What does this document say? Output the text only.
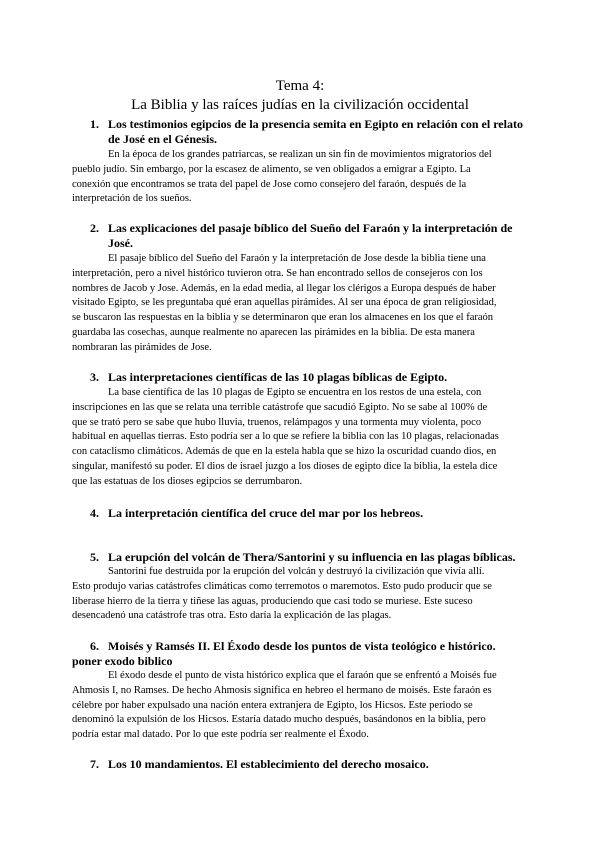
Tema 4:
La Biblia y las raíces judías en la civilización occidental
1. Los testimonios egipcios de la presencia semita en Egipto en relación con el relato
de José en el Génesis.
En la época de los grandes patriarcas, se realizan un sin fin de movimientos migratorios del
pueblo judío. Sin embargo, por la escasez de alimento, se ven obligados a emigrar a Egipto. La
conexión que encontramos se trata del papel de Jose como consejero del faraón, después de la
interpretación de los sueños.
2. Las explicaciones del pasaje bíblico del Sueño del Faraón y la interpretación de
José.
El pasaje bíblico del Sueño del Faraón y la interpretación de Jose desde la biblia tiene una
interpretación, pero a nivel histórico tuvieron otra. Se han encontrado sellos de consejeros con los
nombres de Jacob y Jose. Además, en la edad media, al llegar los clérigos a Europa después de haber
visitado Egipto, se les preguntaba qué eran aquellas pirámides. Al ser una época de gran religiosidad,
se buscaron las respuestas en la biblia y se determinaron que eran los almacenes en los que el faraón
guardaba las cosechas, aunque realmente no aparecen las pirámides en la biblia. De esta manera
nombraran las pirámides de Jose.
3. Las interpretaciones científicas de las 10 plagas bíblicas de Egipto.
La base científica de las 10 plagas de Egipto se encuentra en los restos de una estela, con
inscripciones en las que se relata una terrible catástrofe que sacudió Egipto. No se sabe al 100% de
que se trató pero se sabe que hubo lluvia, truenos, relámpagos y una tormenta muy violenta, poco
habitual en aquellas tierras. Esto podría ser a lo que se refiere la biblia con las 10 plagas, relacionadas
con cataclismo climáticos. Además de que en la estela habla que se hizo la oscuridad cuando dios, en
singular, manifestó su poder. El dios de israel juzgo a los dioses de egipto dice la biblia, la estela dice
que las estatuas de los dioses egipcios se derrumbaron.
4. La interpretación científica del cruce del mar por los hebreos.
5. La erupción del volcán de Thera/Santorini y su influencia en las plagas bíblicas.
Santorini fue destruida por la erupción del volcán y destruyó la civilización que vivía allí.
Esto produjo varias catástrofes climáticas como terremotos o maremotos. Esto pudo producir que se
liberase hierro de la tierra y tiñese las aguas, produciendo que casi todo se muriese. Este suceso
desencadenó una catástrofe tras otra. Esto daría la explicación de las plagas.
6. Moisés y Ramsés II. El Éxodo desde los puntos de vista teológico e histórico.
poner exodo biblico
El éxodo desde el punto de vista histórico explica que el faraón que se enfrentó a Moisés fue
Ahmosis I, no Ramses. De hecho Ahmosis significa en hebreo el hermano de moisés. Este faraón es
célebre por haber expulsado una nación entera extranjera de Egipto, los Hicsos. Este periodo se
denominó la expulsión de los Hicsos. Estaría datado mucho después, basándonos en la biblia, pero
podría estar mal datado. Por lo que este podría ser realmente el Éxodo.
7. Los 10 mandamientos. El establecimiento del derecho mosaico.
